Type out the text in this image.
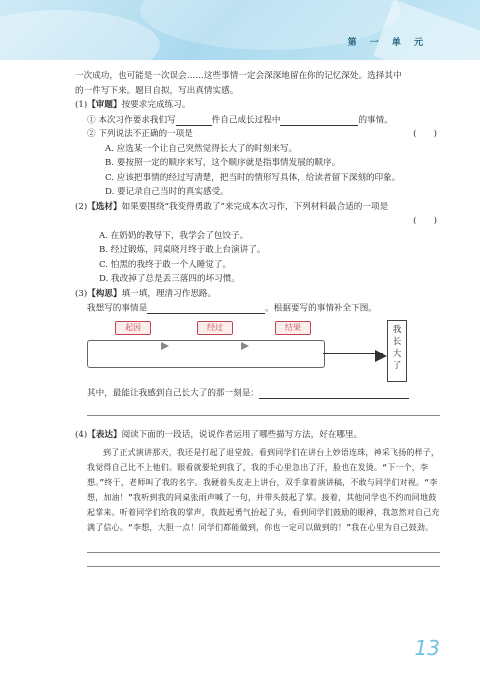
第 一 单 元
一次成功，也可能是一次误会……这些事情一定会深深地留在你的记忆深处。选择其中
的一件写下来。题目自拟，写出真情实感。
(1)【审题】按要求完成练习。
① 本次习作要求我们写	件自己成长过程中	的事情。
② 下列说法不正确的一项是	(　　)
A. 应选某一个让自己突然觉得长大了的时刻来写。
B. 要按照一定的顺序来写，这个顺序就是指事情发展的顺序。
C. 应该把事情的经过写清楚，把当时的情形写具体，给读者留下深刻的印象。
D. 要记录自己当时的真实感受。
(2)【选材】如果要围绕“我变得勇敢了”来完成本次习作，下列材料最合适的一项是
(　　)
A. 在奶奶的教导下，我学会了包饺子。
B. 经过锻炼，同桌晓月终于敢上台演讲了。
C. 怕黑的我终于敢一个人睡觉了。
D. 我改掉了总是丢三落四的坏习惯。
(3)【构思】填一填，理清习作思路。
我想写的事情是	。根据要写的事情补全下图。
起因	经过	结果	我
长
大
了
其中，最能让我感到自己长大了的那一刻是：
(4)【表达】阅读下面的一段话，说说作者运用了哪些描写方法，好在哪里。

到了正式演讲那天，我还是打起了退堂鼓。看到同学们在讲台上妙语连珠，神采飞扬的样子，我觉得自己比不上他们。眼看就要轮到我了，我的手心里急出了汗，脸也在发烫。“下一个，李想。”终于，老师叫了我的名字。我硬着头皮走上讲台，双手拿着演讲稿，不敢与同学们对视。“李想，加油！”我听到我的同桌张雨声喊了一句，并带头鼓起了掌。接着，其他同学也不约而同地鼓起掌来。听着同学们给我的掌声，我鼓起勇气抬起了头，看到同学们鼓励的眼神，我忽然对自己充满了信心。“李想，大胆一点！同学们都能做到，你也一定可以做到的！”我在心里为自己鼓劲。

13
